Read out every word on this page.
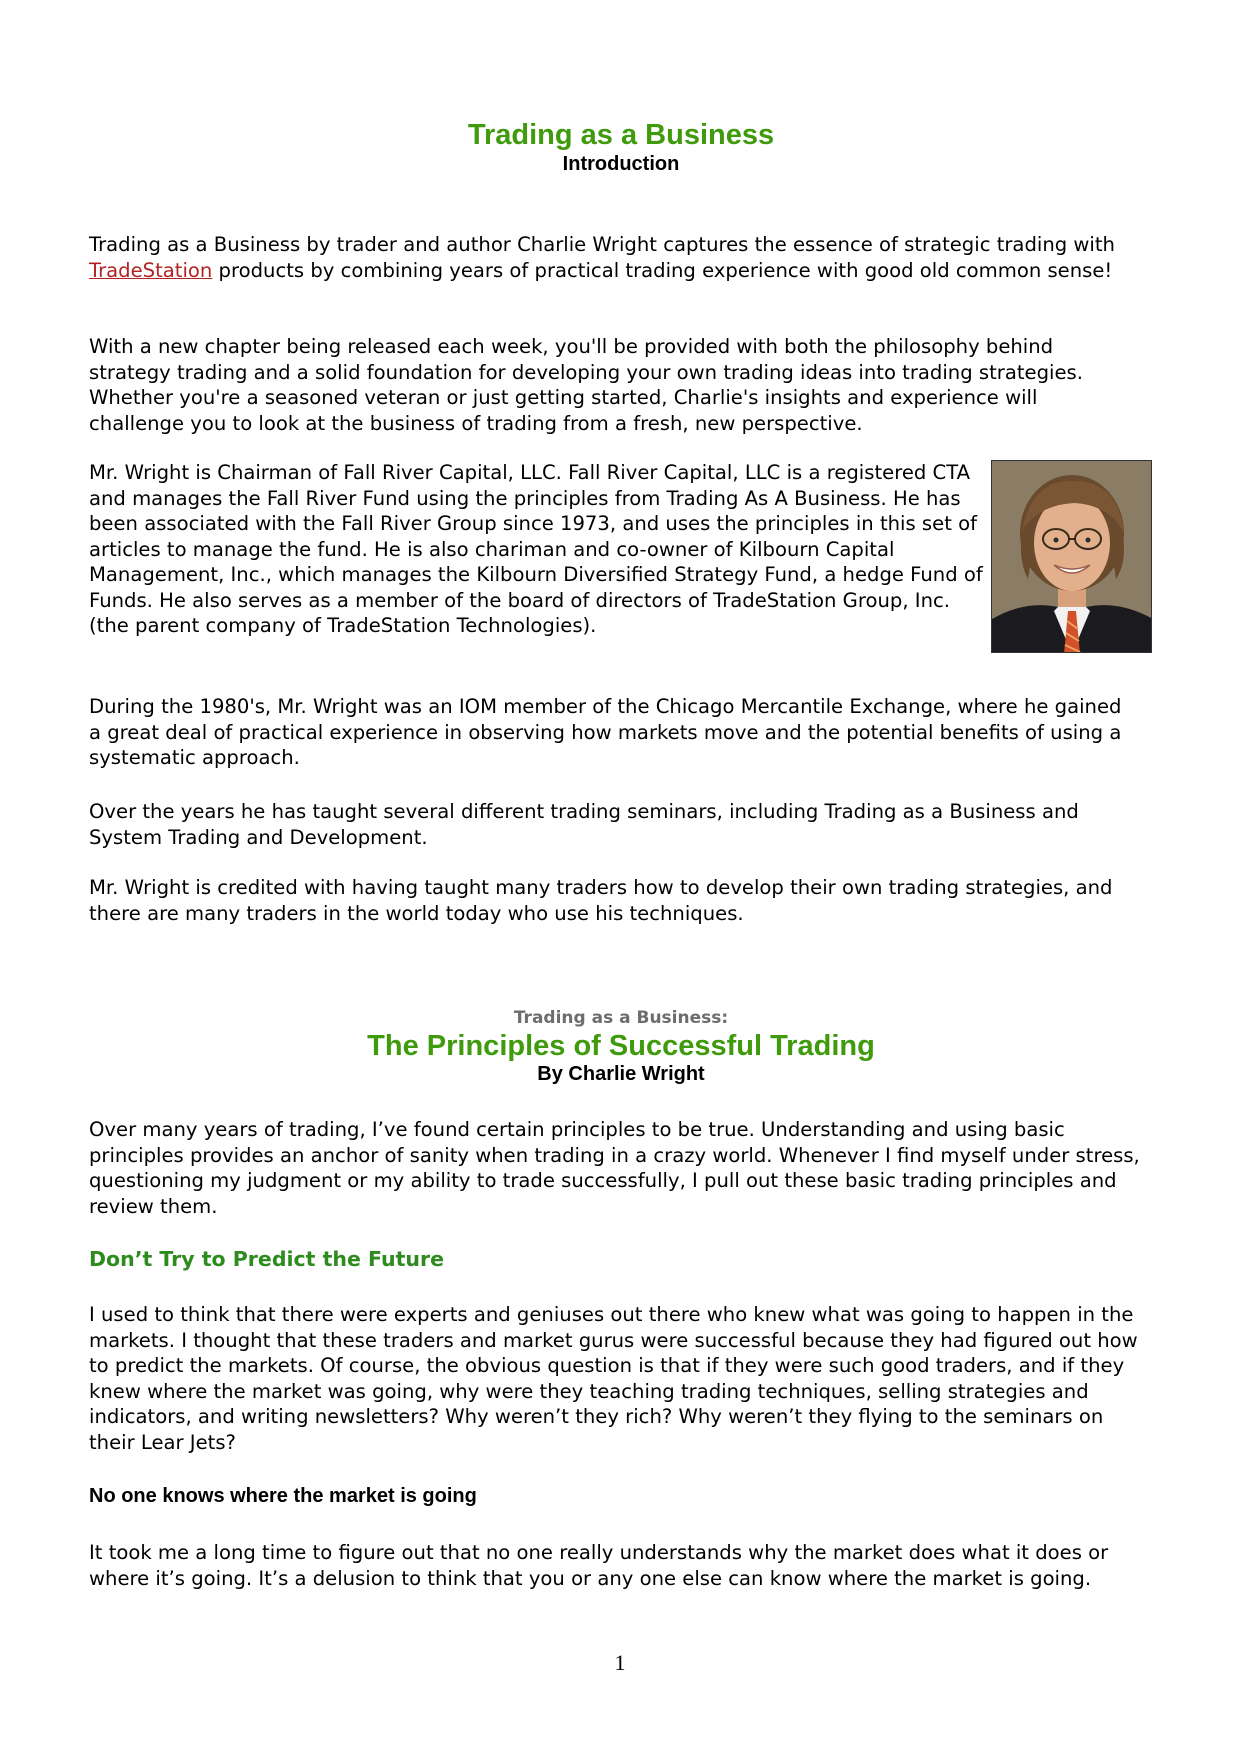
Trading as a Business
Introduction

Trading as a Business by trader and author Charlie Wright captures the essence of strategic trading with TradeStation products by combining years of practical trading experience with good old common sense!

With a new chapter being released each week, you'll be provided with both the philosophy behind strategy trading and a solid foundation for developing your own trading ideas into trading strategies. Whether you're a seasoned veteran or just getting started, Charlie's insights and experience will challenge you to look at the business of trading from a fresh, new perspective.

Mr. Wright is Chairman of Fall River Capital, LLC. Fall River Capital, LLC is a registered CTA and manages the Fall River Fund using the principles from Trading As A Business. He has been associated with the Fall River Group since 1973, and uses the principles in this set of articles to manage the fund. He is also chariman and co-owner of Kilbourn Capital Management, Inc., which manages the Kilbourn Diversified Strategy Fund, a hedge Fund of Funds. He also serves as a member of the board of directors of TradeStation Group, Inc. (the parent company of TradeStation Technologies).

During the 1980's, Mr. Wright was an IOM member of the Chicago Mercantile Exchange, where he gained a great deal of practical experience in observing how markets move and the potential benefits of using a systematic approach.

Over the years he has taught several different trading seminars, including Trading as a Business and System Trading and Development.

Mr. Wright is credited with having taught many traders how to develop their own trading strategies, and there are many traders in the world today who use his techniques.

Trading as a Business:
The Principles of Successful Trading
By Charlie Wright

Over many years of trading, I’ve found certain principles to be true. Understanding and using basic principles provides an anchor of sanity when trading in a crazy world. Whenever I find myself under stress, questioning my judgment or my ability to trade successfully, I pull out these basic trading principles and review them.

Don’t Try to Predict the Future

I used to think that there were experts and geniuses out there who knew what was going to happen in the markets. I thought that these traders and market gurus were successful because they had figured out how to predict the markets. Of course, the obvious question is that if they were such good traders, and if they knew where the market was going, why were they teaching trading techniques, selling strategies and indicators, and writing newsletters? Why weren’t they rich? Why weren’t they flying to the seminars on their Lear Jets?

No one knows where the market is going

It took me a long time to figure out that no one really understands why the market does what it does or where it’s going. It’s a delusion to think that you or any one else can know where the market is going.

1
